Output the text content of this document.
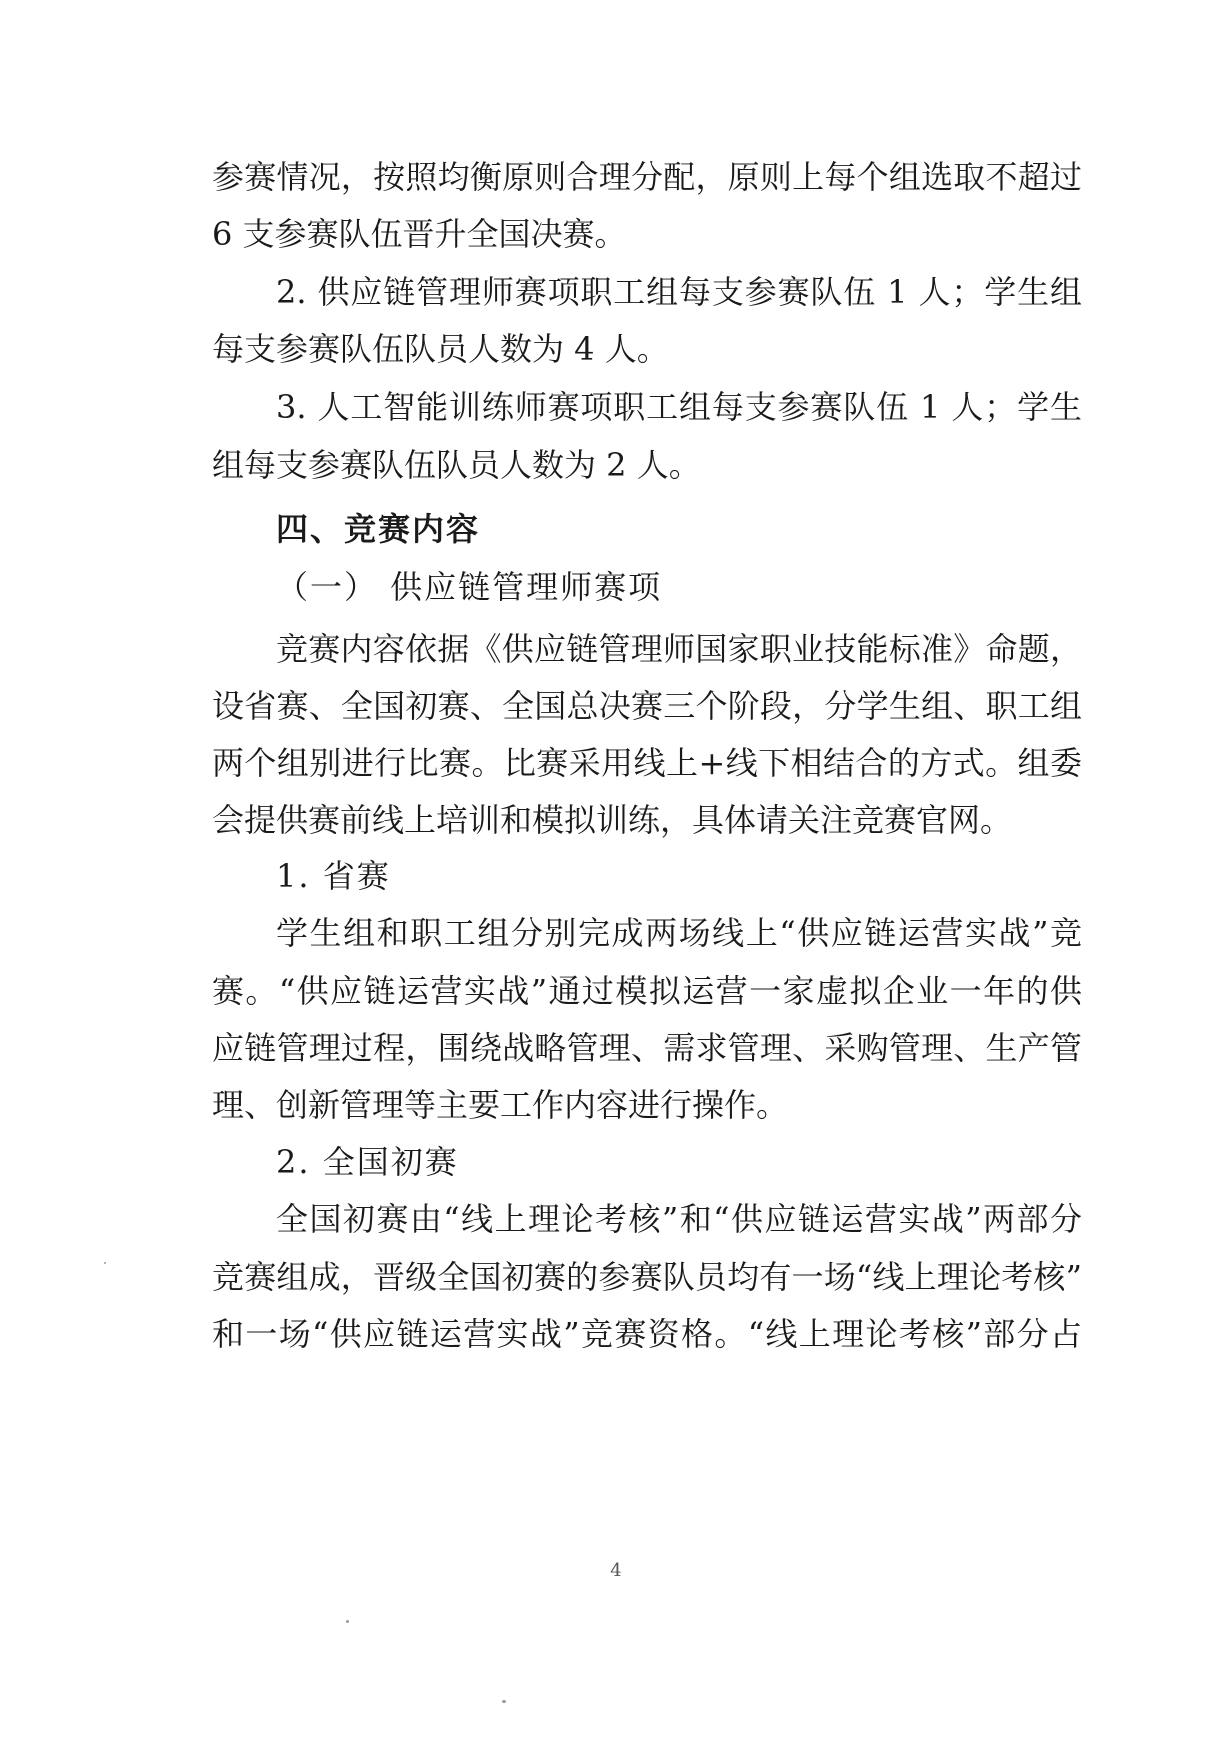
参赛情况，按照均衡原则合理分配，原则上每个组选取不超过
6 支参赛队伍晋升全国决赛。
2. 供应链管理师赛项职工组每支参赛队伍 1 人；学生组
每支参赛队伍队员人数为 4 人。
3. 人工智能训练师赛项职工组每支参赛队伍 1 人；学生
组每支参赛队伍队员人数为 2 人。
四、竞赛内容
（一） 供应链管理师赛项
竞赛内容依据《供应链管理师国家职业技能标准》命题，
设省赛、全国初赛、全国总决赛三个阶段，分学生组、职工组
两个组别进行比赛。比赛采用线上+线下相结合的方式。组委
会提供赛前线上培训和模拟训练，具体请关注竞赛官网。
1. 省赛
学生组和职工组分别完成两场线上“供应链运营实战”竞
赛。“供应链运营实战”通过模拟运营一家虚拟企业一年的供
应链管理过程，围绕战略管理、需求管理、采购管理、生产管
理、创新管理等主要工作内容进行操作。
2. 全国初赛
全国初赛由“线上理论考核”和“供应链运营实战”两部分
竞赛组成，晋级全国初赛的参赛队员均有一场“线上理论考核”
和一场“供应链运营实战”竞赛资格。“线上理论考核”部分占
4
